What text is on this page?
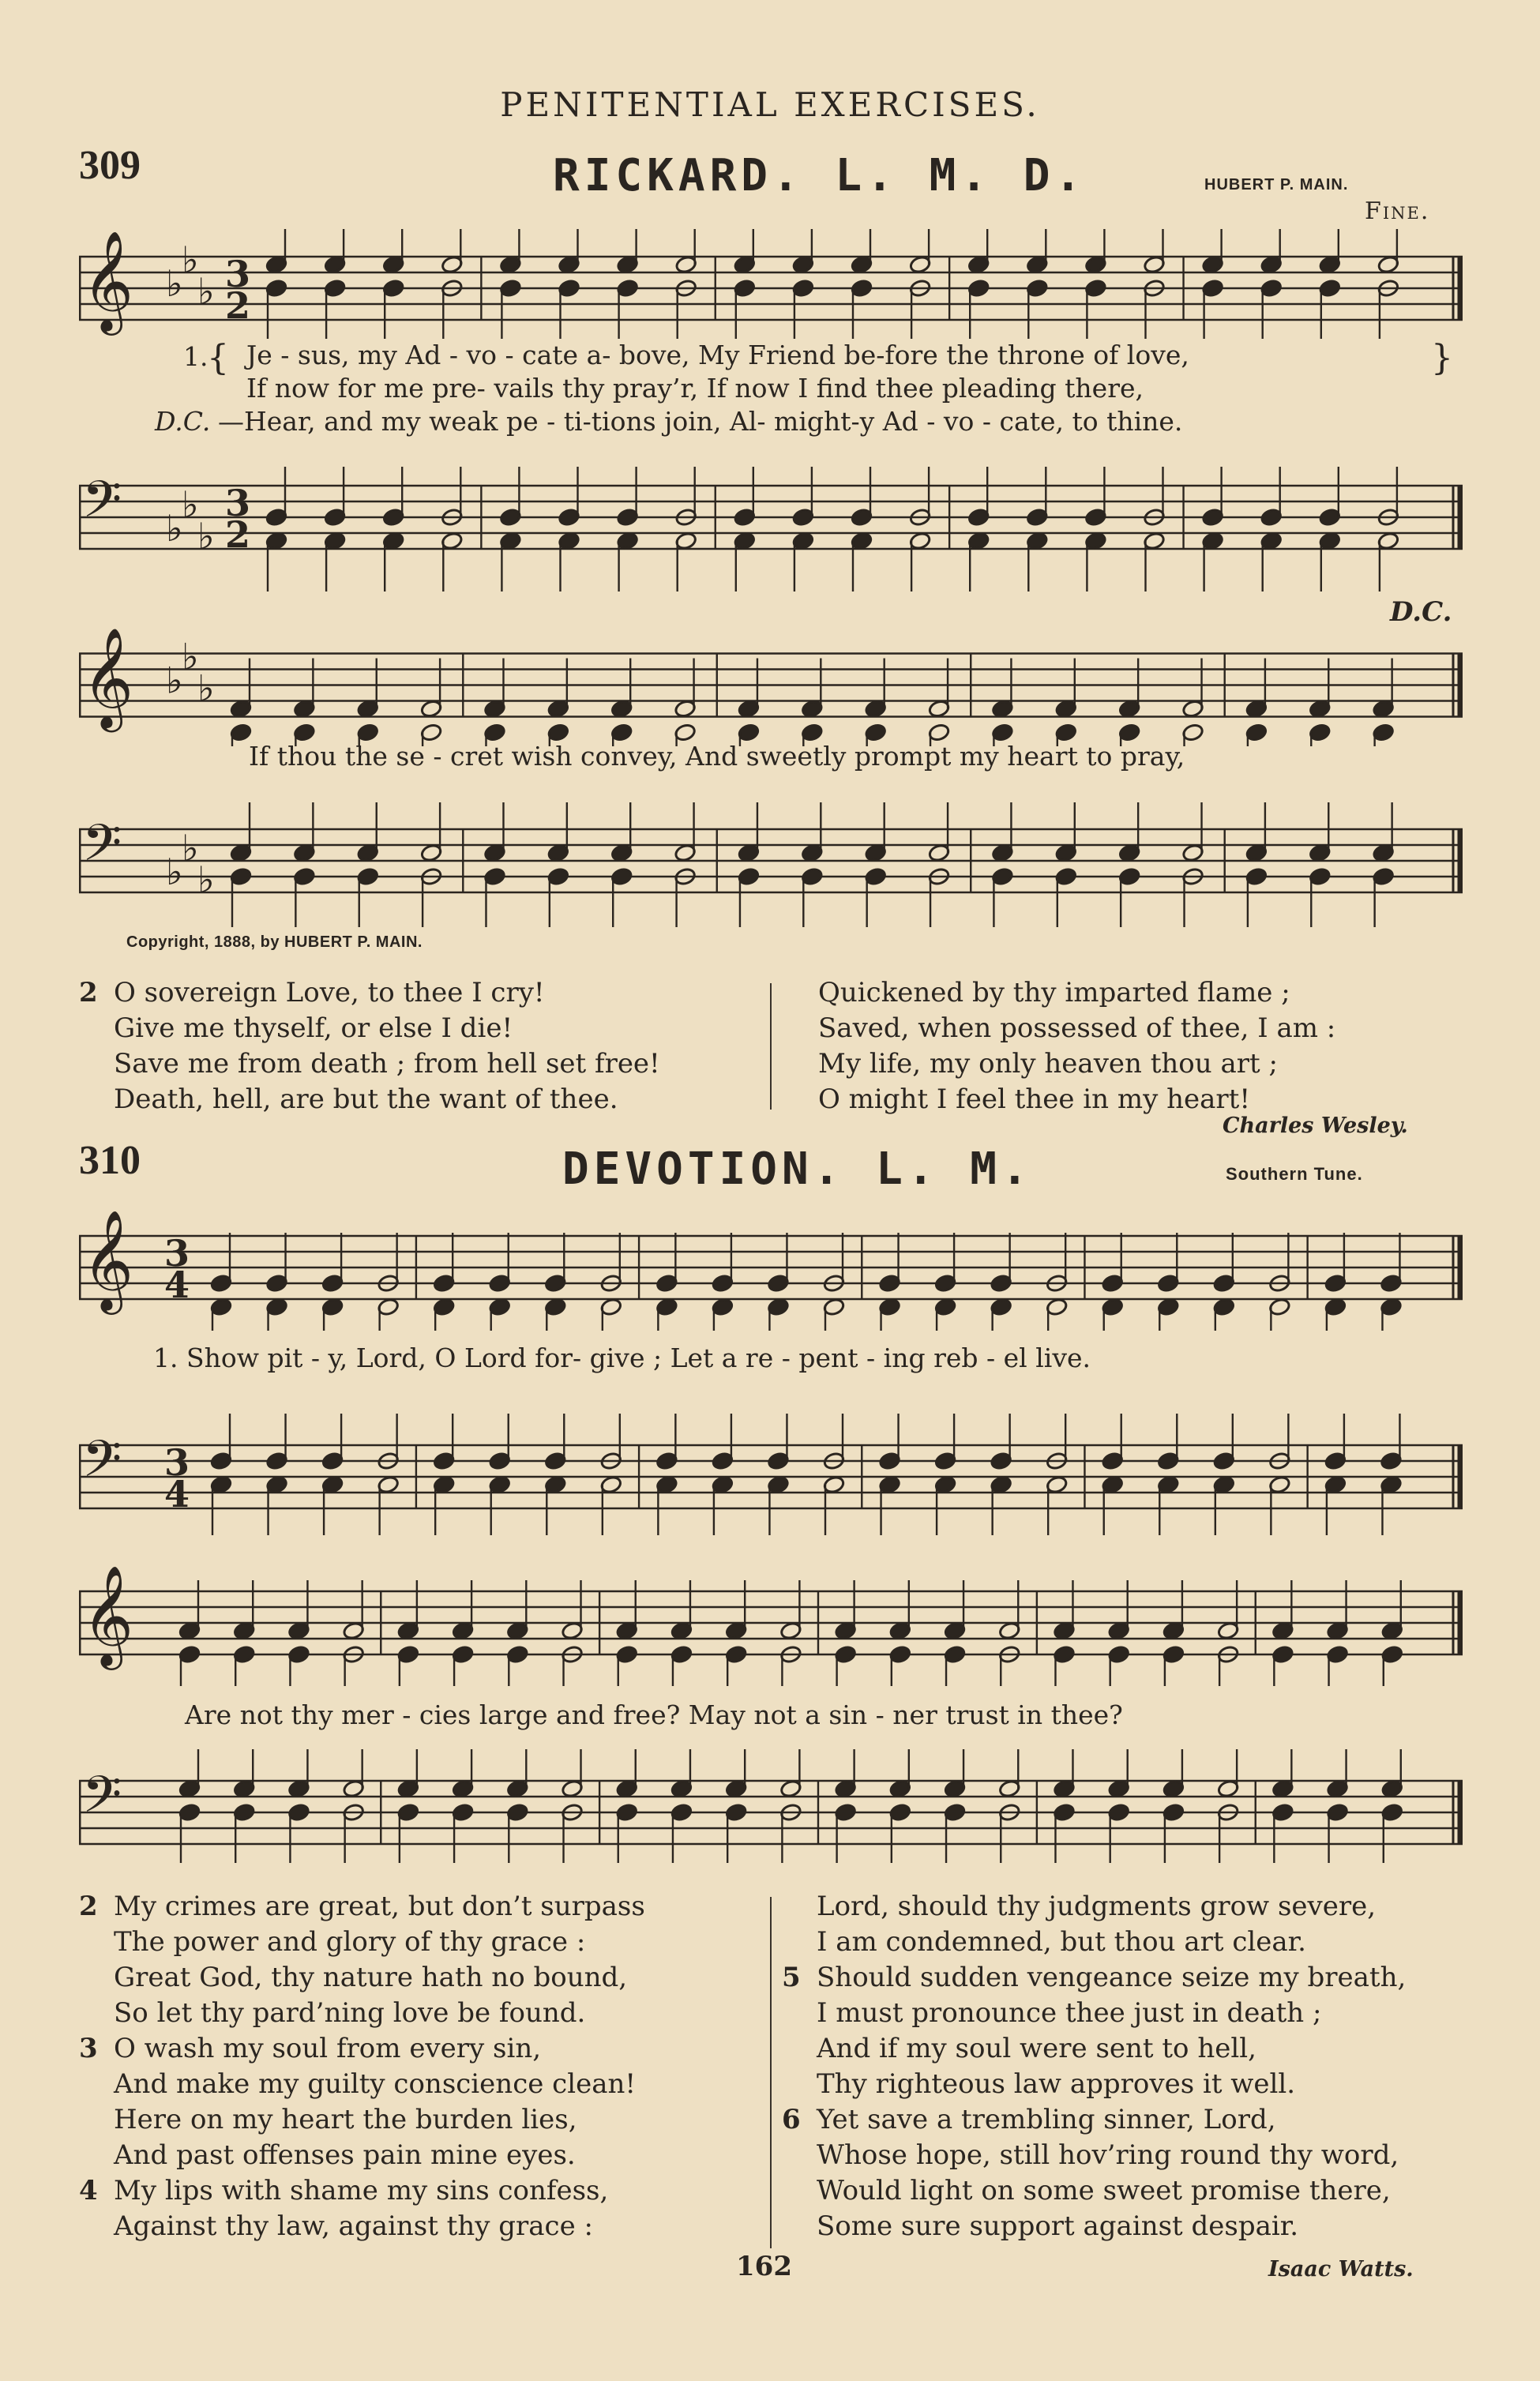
PENITENTIAL EXERCISES.
309	RICKARD. L. M. D.	HUBERT P. MAIN.
Fine.
𝄞 ♭
♭
♭ 3
2
1.
{ Je - sus, my Ad - vo - cate a- bove, My Friend be-fore the throne of love,
If now for me pre- vails thy pray’r, If now I find thee pleading there,
}
D.C. —Hear, and my weak pe - ti-tions join, Al- might-y Ad - vo - cate, to thine.
𝄢 ♭
♭
♭
3
2
D.C.
𝄞 ♭
♭
♭
If thou the se - cret wish convey, And sweetly prompt my heart to pray,
𝄢 ♭
♭
♭
Copyright, 1888, by HUBERT P. MAIN.
2 O sovereign Love, to thee I cry!
Give me thyself, or else I die!
Save me from death ; from hell set free!
Death, hell, are but the want of thee.
Quickened by thy imparted flame ;
Saved, when possessed of thee, I am :
My life, my only heaven thou art ;
O might I feel thee in my heart!
Charles Wesley.
310	DEVOTION. L. M.	Southern Tune.
𝄞 3
4
1. Show pit - y, Lord, O Lord for- give ; Let a re - pent - ing reb - el live.
𝄢 3
4
𝄞
Are not thy mer - cies large and free? May not a sin - ner trust in thee?
𝄢
2 My crimes are great, but don’t surpass
The power and glory of thy grace :
Great God, thy nature hath no bound,
So let thy pard’ning love be found.
3 O wash my soul from every sin,
And make my guilty conscience clean!
Here on my heart the burden lies,
And past offenses pain mine eyes.
4 My lips with shame my sins confess,
Against thy law, against thy grace :
Lord, should thy judgments grow severe,
I am condemned, but thou art clear.
5 Should sudden vengeance seize my breath,
I must pronounce thee just in death ;
And if my soul were sent to hell,
Thy righteous law approves it well.
6 Yet save a trembling sinner, Lord,
Whose hope, still hov’ring round thy word,
Would light on some sweet promise there,
Some sure support against despair.
162	Isaac Watts.
